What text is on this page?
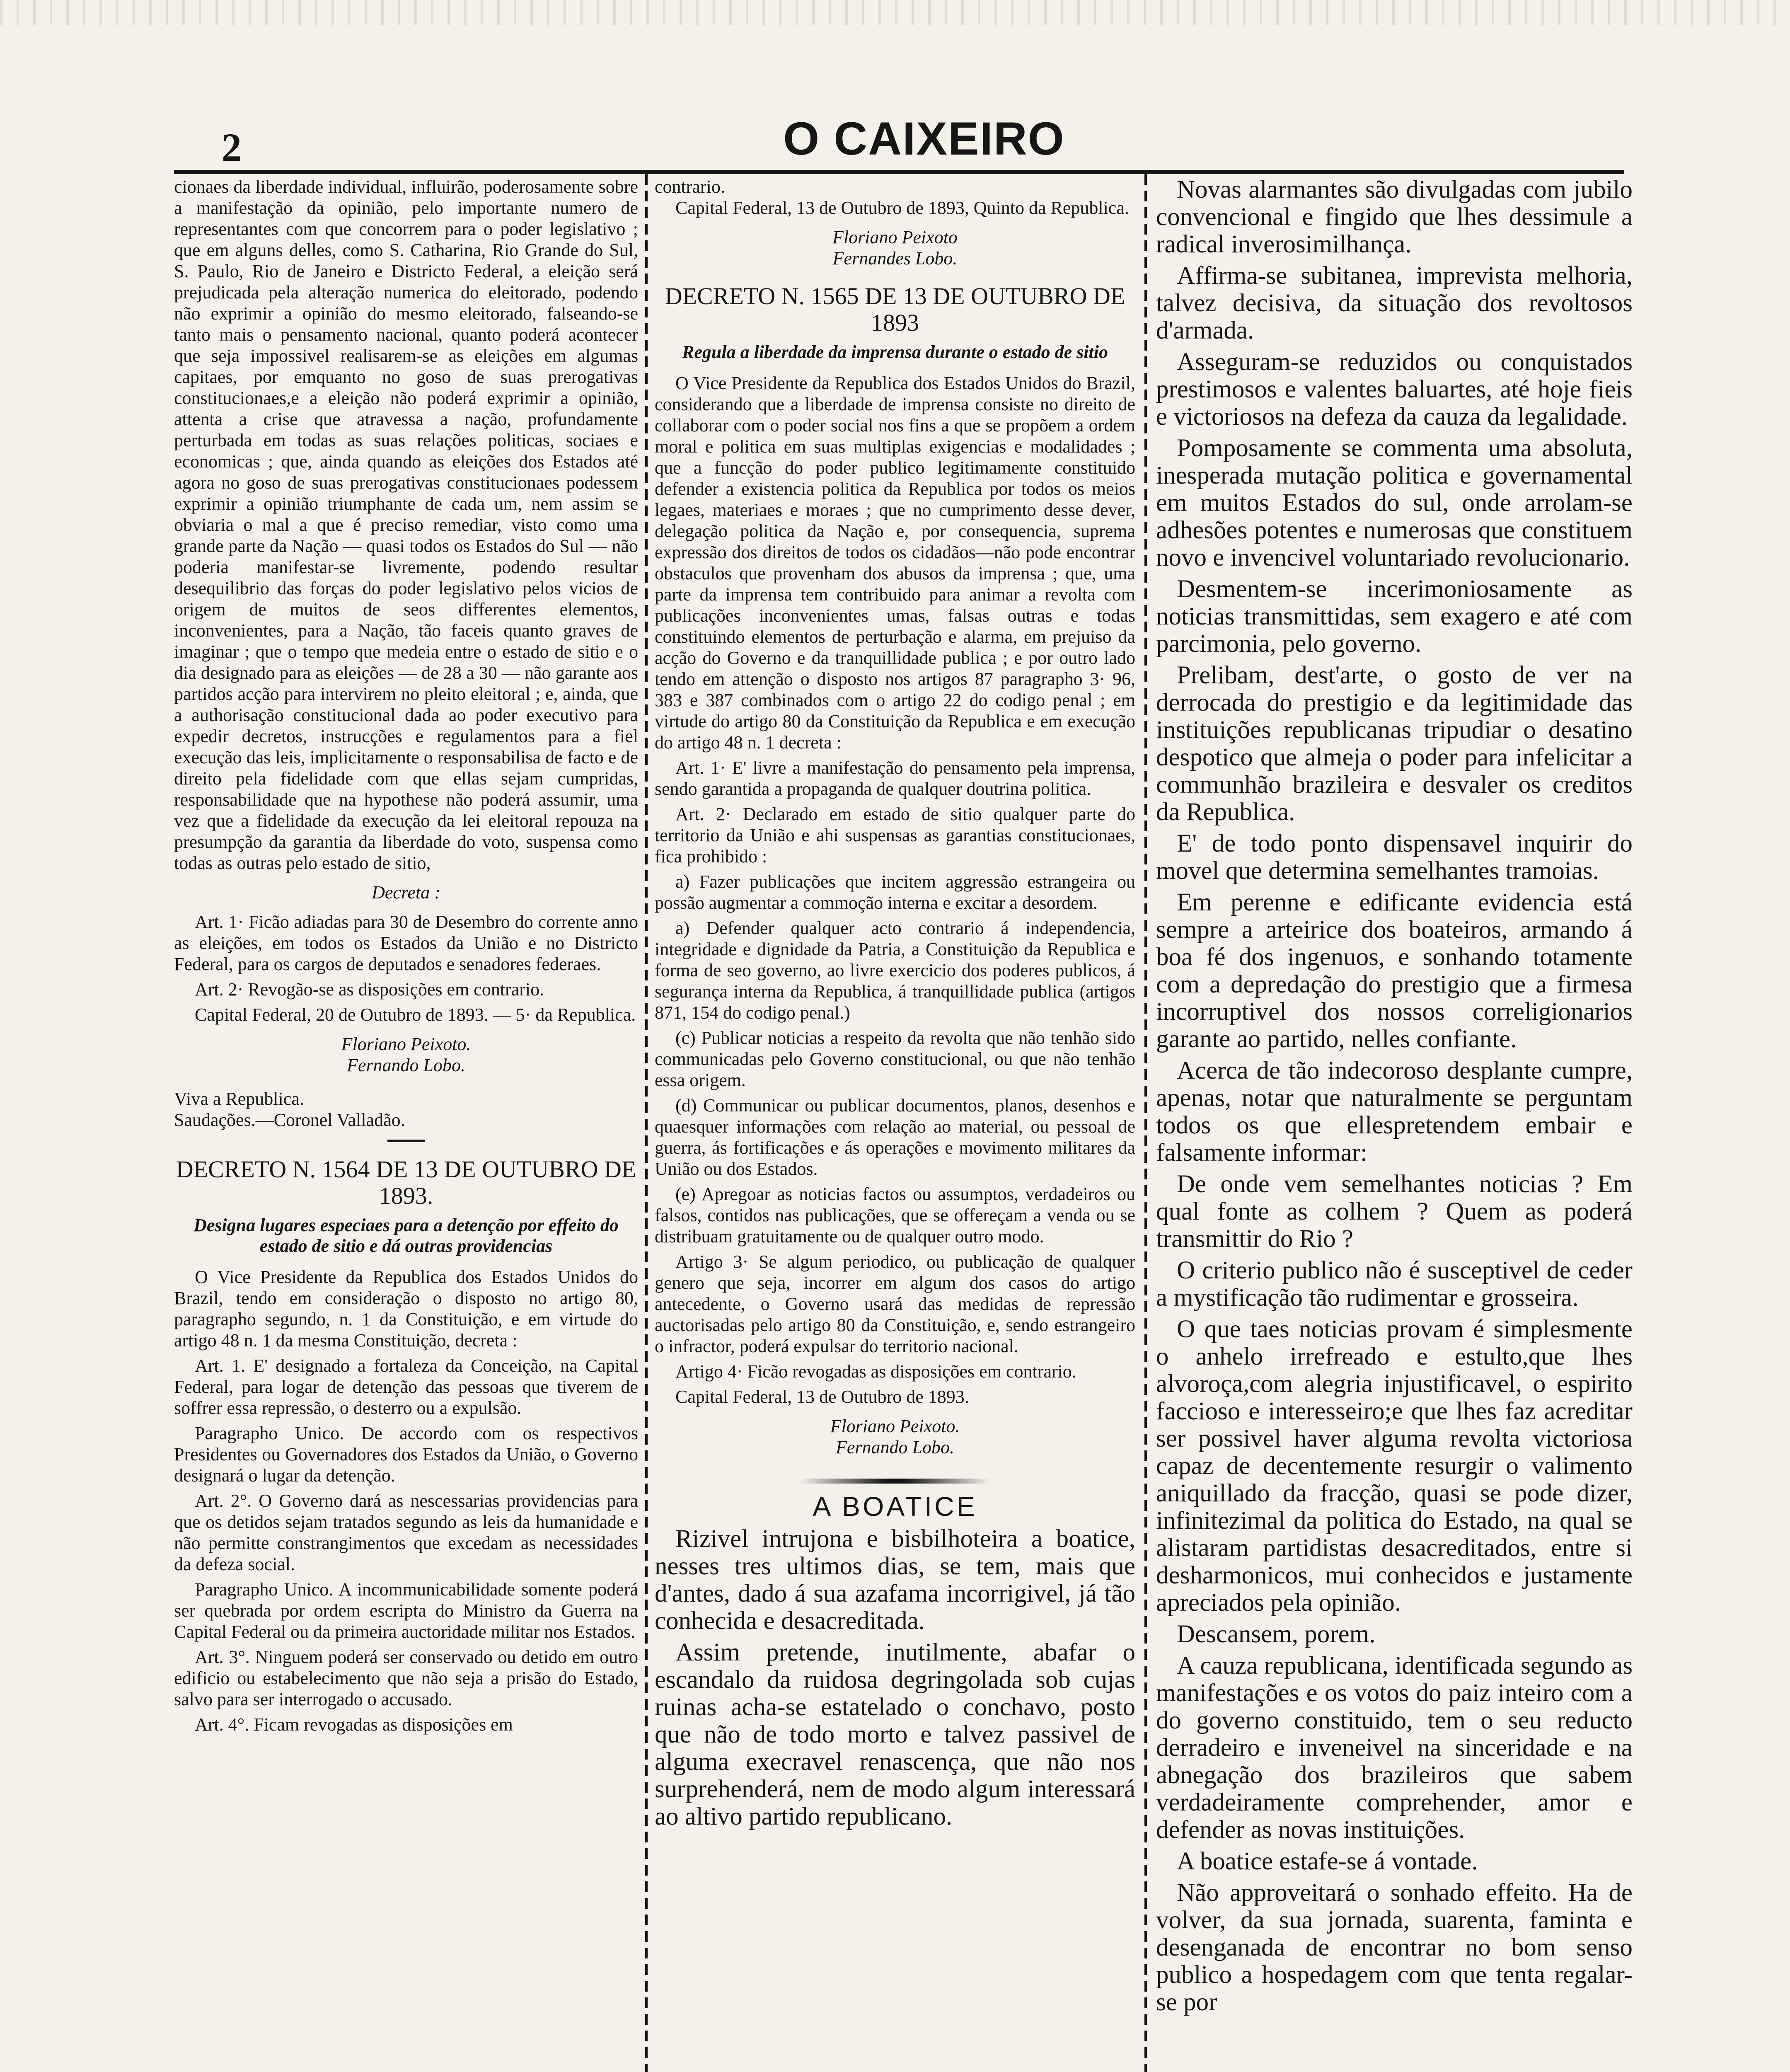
2	O CAIXEIRO

cionaes da liberdade individual, influirão, poderosamente sobre a manifestação da opinião, pelo importante numero de representantes com que concorrem para o poder legislativo ; que em alguns delles, como S. Catharina, Rio Grande do Sul, S. Paulo, Rio de Janeiro e Districto Federal, a eleição será prejudicada pela alteração numerica do eleitorado, podendo não exprimir a opinião do mesmo eleitorado, falseando-se tanto mais o pensamento nacional, quanto poderá acontecer que seja impossivel realisarem-se as eleições em algumas capitaes, por emquanto no goso de suas prerogativas constitucionaes,e a eleição não poderá exprimir a opinião, attenta a crise que atravessa a nação, profundamente perturbada em todas as suas relações politicas, sociaes e economicas ; que, ainda quando as eleições dos Estados até agora no goso de suas prerogativas constitucionaes podessem exprimir a opinião triumphante de cada um, nem assim se obviaria o mal a que é preciso remediar, visto como uma grande parte da Nação — quasi todos os Estados do Sul — não poderia manifestar-se livremente, podendo resultar desequilibrio das forças do poder legislativo pelos vicios de origem de muitos de seos differentes elementos, inconvenientes, para a Nação, tão faceis quanto graves de imaginar ; que o tempo que medeia entre o estado de sitio e o dia designado para as eleições — de 28 a 30 — não garante aos partidos acção para intervirem no pleito eleitoral ; e, ainda, que a authorisação constitucional dada ao poder executivo para expedir decretos, instrucções e regulamentos para a fiel execução das leis, implicitamente o responsabilisa de facto e de direito pela fidelidade com que ellas sejam cumpridas, responsabilidade que na hypothese não poderá assumir, uma vez que a fidelidade da execução da lei eleitoral repouza na presumpção da garantia da liberdade do voto, suspensa como todas as outras pelo estado de sitio,

Decreta :

Art. 1· Ficão adiadas para 30 de Desembro do corrente anno as eleições, em todos os Estados da União e no Districto Federal, para os cargos de deputados e senadores federaes.

Art. 2· Revogão-se as disposições em contrario.

Capital Federal, 20 de Outubro de 1893. — 5· da Republica.

Floriano Peixoto.

Fernando Lobo.

Viva a Republica.

Saudações.—Coronel Valladão.

DECRETO N. 1564 DE 13 DE OUTUBRO DE 1893.

Designa lugares especiaes para a detenção por effeito do estado de sitio e dá outras providencias

O Vice Presidente da Republica dos Estados Unidos do Brazil, tendo em consideração o disposto no artigo 80, paragrapho segundo, n. 1 da Constituição, e em virtude do artigo 48 n. 1 da mesma Constituição, decreta :

Art. 1. E' designado a fortaleza da Conceição, na Capital Federal, para logar de detenção das pessoas que tiverem de soffrer essa repressão, o desterro ou a expulsão.

Paragrapho Unico. De accordo com os respectivos Presidentes ou Governadores dos Estados da União, o Governo designará o lugar da detenção.

Art. 2°. O Governo dará as nescessarias providencias para que os detidos sejam tratados segundo as leis da humanidade e não permitte constrangimentos que excedam as necessidades da defeza social.

Paragrapho Unico. A incommunicabilidade somente poderá ser quebrada por ordem escripta do Ministro da Guerra na Capital Federal ou da primeira auctoridade militar nos Estados.

Art. 3°. Ninguem poderá ser conservado ou detido em outro edificio ou estabelecimento que não seja a prisão do Estado, salvo para ser interrogado o accusado.

Art. 4°. Ficam revogadas as disposições em

contrario.

Capital Federal, 13 de Outubro de 1893, Quinto da Republica.

Floriano Peixoto

Fernandes Lobo.

DECRETO N. 1565 DE 13 DE OUTUBRO DE 1893

Regula a liberdade da imprensa durante o estado de sitio

O Vice Presidente da Republica dos Estados Unidos do Brazil, considerando que a liberdade de imprensa consiste no direito de collaborar com o poder social nos fins a que se propõem a ordem moral e politica em suas multiplas exigencias e modalidades ; que a funcção do poder publico legitimamente constituido defender a existencia politica da Republica por todos os meios legaes, materiaes e moraes ; que no cumprimento desse dever, delegação politica da Nação e, por consequencia, suprema expressão dos direitos de todos os cidadãos—não pode encontrar obstaculos que provenham dos abusos da imprensa ; que, uma parte da imprensa tem contribuido para animar a revolta com publicações inconvenientes umas, falsas outras e todas constituindo elementos de perturbação e alarma, em prejuiso da acção do Governo e da tranquillidade publica ; e por outro lado tendo em attenção o disposto nos artigos 87 paragrapho 3· 96, 383 e 387 combinados com o artigo 22 do codigo penal ; em virtude do artigo 80 da Constituição da Republica e em execução do artigo 48 n. 1 decreta :

Art. 1· E' livre a manifestação do pensamento pela imprensa, sendo garantida a propaganda de qualquer doutrina politica.

Art. 2· Declarado em estado de sitio qualquer parte do territorio da União e ahi suspensas as garantias constitucionaes, fica prohibido :

a) Fazer publicações que incitem aggressão estrangeira ou possão augmentar a commoção interna e excitar a desordem.

a) Defender qualquer acto contrario á independencia, integridade e dignidade da Patria, a Constituição da Republica e forma de seo governo, ao livre exercicio dos poderes publicos, á segurança interna da Republica, á tranquillidade publica (artigos 871, 154 do codigo penal.)

(c) Publicar noticias a respeito da revolta que não tenhão sido communicadas pelo Governo constitucional, ou que não tenhão essa origem.

(d) Communicar ou publicar documentos, planos, desenhos e quaesquer informações com relação ao material, ou pessoal de guerra, ás fortificações e ás operações e movimento militares da União ou dos Estados.

(e) Apregoar as noticias factos ou assumptos, verdadeiros ou falsos, contidos nas publicações, que se offereçam a venda ou se distribuam gratuitamente ou de qualquer outro modo.

Artigo 3· Se algum periodico, ou publicação de qualquer genero que seja, incorrer em algum dos casos do artigo antecedente, o Governo usará das medidas de repressão auctorisadas pelo artigo 80 da Constituição, e, sendo estrangeiro o infractor, poderá expulsar do territorio nacional.

Artigo 4· Ficão revogadas as disposições em contrario.

Capital Federal, 13 de Outubro de 1893.

Floriano Peixoto.

Fernando Lobo.

A BOATICE

Rizivel intrujona e bisbilhoteira a boatice, nesses tres ultimos dias, se tem, mais que d'antes, dado á sua azafama incorrigivel, já tão conhecida e desacreditada.

Assim pretende, inutilmente, abafar o escandalo da ruidosa degringolada sob cujas ruinas acha-se estatelado o conchavo, posto que não de todo morto e talvez passivel de alguma execravel renascença, que não nos surprehenderá, nem de modo algum interessará ao altivo partido republicano.

Novas alarmantes são divulgadas com jubilo convencional e fingido que lhes dessimule a radical inverosimilhança.

Affirma-se subitanea, imprevista melhoria, talvez decisiva, da situação dos revoltosos d'armada.

Asseguram-se reduzidos ou conquistados prestimosos e valentes baluartes, até hoje fieis e victoriosos na defeza da cauza da legalidade.

Pomposamente se commenta uma absoluta, inesperada mutação politica e governamental em muitos Estados do sul, onde arrolam-se adhesões potentes e numerosas que constituem novo e invencivel voluntariado revolucionario.

Desmentem-se incerimoniosamente as noticias transmittidas, sem exagero e até com parcimonia, pelo governo.

Prelibam, dest'arte, o gosto de ver na derrocada do prestigio e da legitimidade das instituições republicanas tripudiar o desatino despotico que almeja o poder para infelicitar a communhão brazileira e desvaler os creditos da Republica.

E' de todo ponto dispensavel inquirir do movel que determina semelhantes tramoias.

Em perenne e edificante evidencia está sempre a arteirice dos boateiros, armando á boa fé dos ingenuos, e sonhando totamente com a depredação do prestigio que a firmesa incorruptivel dos nossos correligionarios garante ao partido, nelles confiante.

Acerca de tão indecoroso desplante cumpre, apenas, notar que naturalmente se perguntam todos os que ellespretendem embair e falsamente informar:

De onde vem semelhantes noticias ? Em qual fonte as colhem ? Quem as poderá transmittir do Rio ?

O criterio publico não é susceptivel de ceder a mystificação tão rudimentar e grosseira.

O que taes noticias provam é simplesmente o anhelo irrefreado e estulto,que lhes alvoroça,com alegria injustificavel, o espirito faccioso e interesseiro;e que lhes faz acreditar ser possivel haver alguma revolta victoriosa capaz de decentemente resurgir o valimento aniquillado da fracção, quasi se pode dizer, infinitezimal da politica do Estado, na qual se alistaram partidistas desacreditados, entre si desharmonicos, mui conhecidos e justamente apreciados pela opinião.

Descansem, porem.

A cauza republicana, identificada segundo as manifestações e os votos do paiz inteiro com a do governo constituido, tem o seu reducto derradeiro e inveneivel na sinceridade e na abnegação dos brazileiros que sabem verdadeiramente comprehender, amor e defender as novas instituições.

A boatice estafe-se á vontade.

Não approveitará o sonhado effeito. Ha de volver, da sua jornada, suarenta, faminta e desenganada de encontrar no bom senso publico a hospedagem com que tenta regalar-se por
